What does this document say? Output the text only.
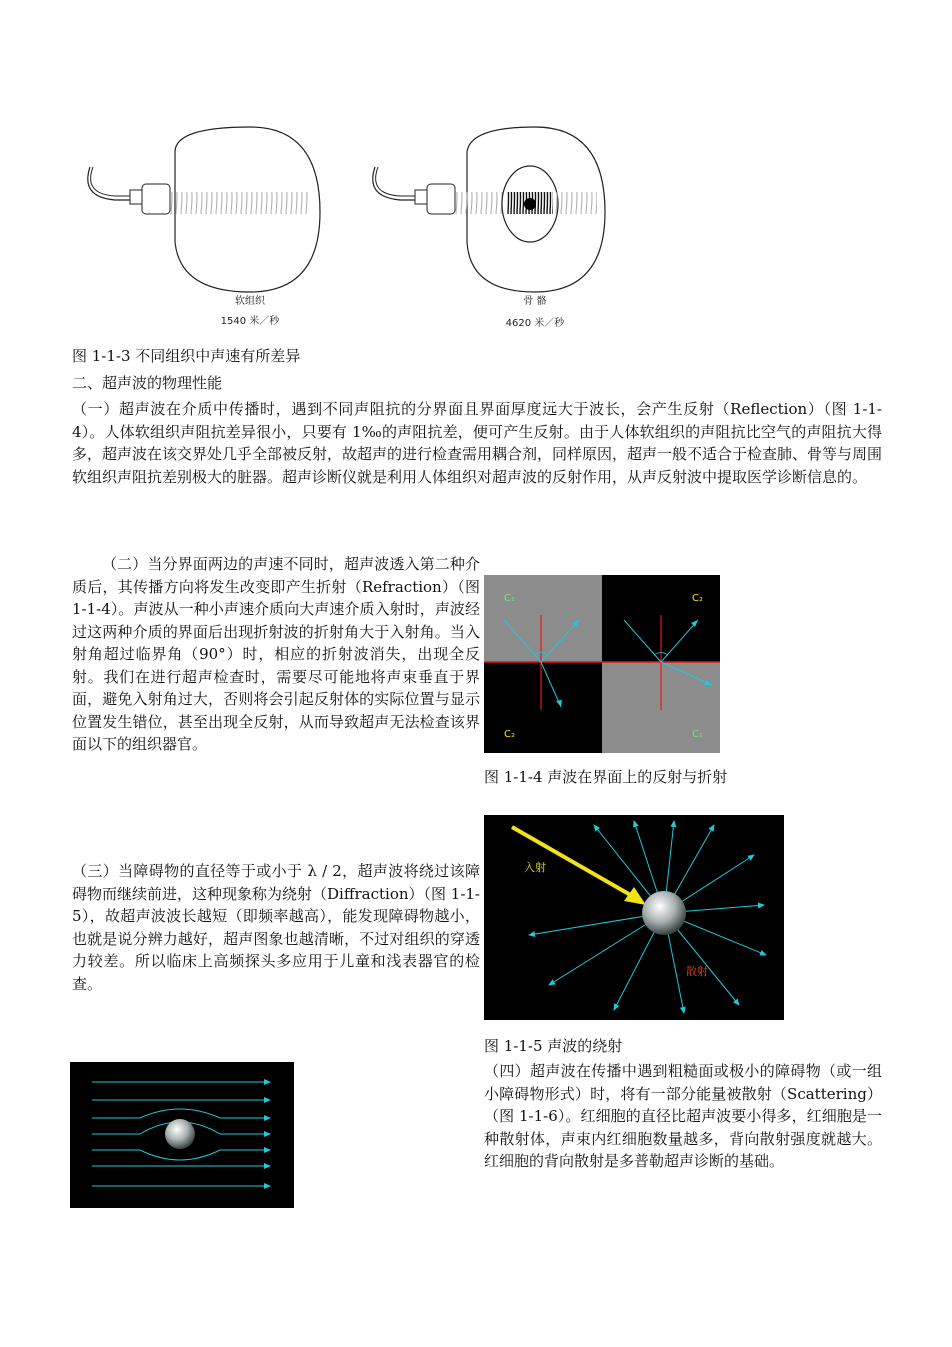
软组织
1540 米／秒
骨 骼
4620 米／秒
图 1-1-3 不同组织中声速有所差异
二、超声波的物理性能
（一）超声波在介质中传播时，遇到不同声阻抗的分界面且界面厚度远大于波长，会产生反射（Reflection）（图 1-1-4）。人体软组织声阻抗差异很小，只要有 1‰的声阻抗差，便可产生反射。由于人体软组织的声阻抗比空气的声阻抗大得多，超声波在该交界处几乎全部被反射，故超声的进行检查需用耦合剂，同样原因，超声一般不适合于检查肺、骨等与周围软组织声阻抗差别极大的脏器。超声诊断仪就是利用人体组织对超声波的反射作用，从声反射波中提取医学诊断信息的。
（二）当分界面两边的声速不同时，超声波透入第二种介质后，其传播方向将发生改变即产生折射（Refraction）（图 1-1-4）。声波从一种小声速介质向大声速介质入射时，声波经过这两种介质的界面后出现折射波的折射角大于入射角。当入射角超过临界角（90°）时，相应的折射波消失，出现全反射。我们在进行超声检查时，需要尽可能地将声束垂直于界面，避免入射角过大，否则将会引起反射体的实际位置与显示位置发生错位，甚至出现全反射，从而导致超声无法检查该界面以下的组织器官。
C₁	C₂
C₂	C₁
图 1-1-4 声波在界面上的反射与折射
入射
散射
（三）当障碍物的直径等于或小于 λ / 2，超声波将绕过该障碍物而继续前进，这种现象称为绕射（Diffraction）（图 1-1-5），故超声波波长越短（即频率越高），能发现障碍物越小，也就是说分辨力越好，超声图象也越清晰，不过对组织的穿透力较差。所以临床上高频探头多应用于儿童和浅表器官的检查。
图 1-1-5 声波的绕射
（四）超声波在传播中遇到粗糙面或极小的障碍物（或一组小障碍物形式）时，将有一部分能量被散射（Scattering）（图 1-1-6）。红细胞的直径比超声波要小得多，红细胞是一种散射体，声束内红细胞数量越多，背向散射强度就越大。红细胞的背向散射是多普勒超声诊断的基础。
